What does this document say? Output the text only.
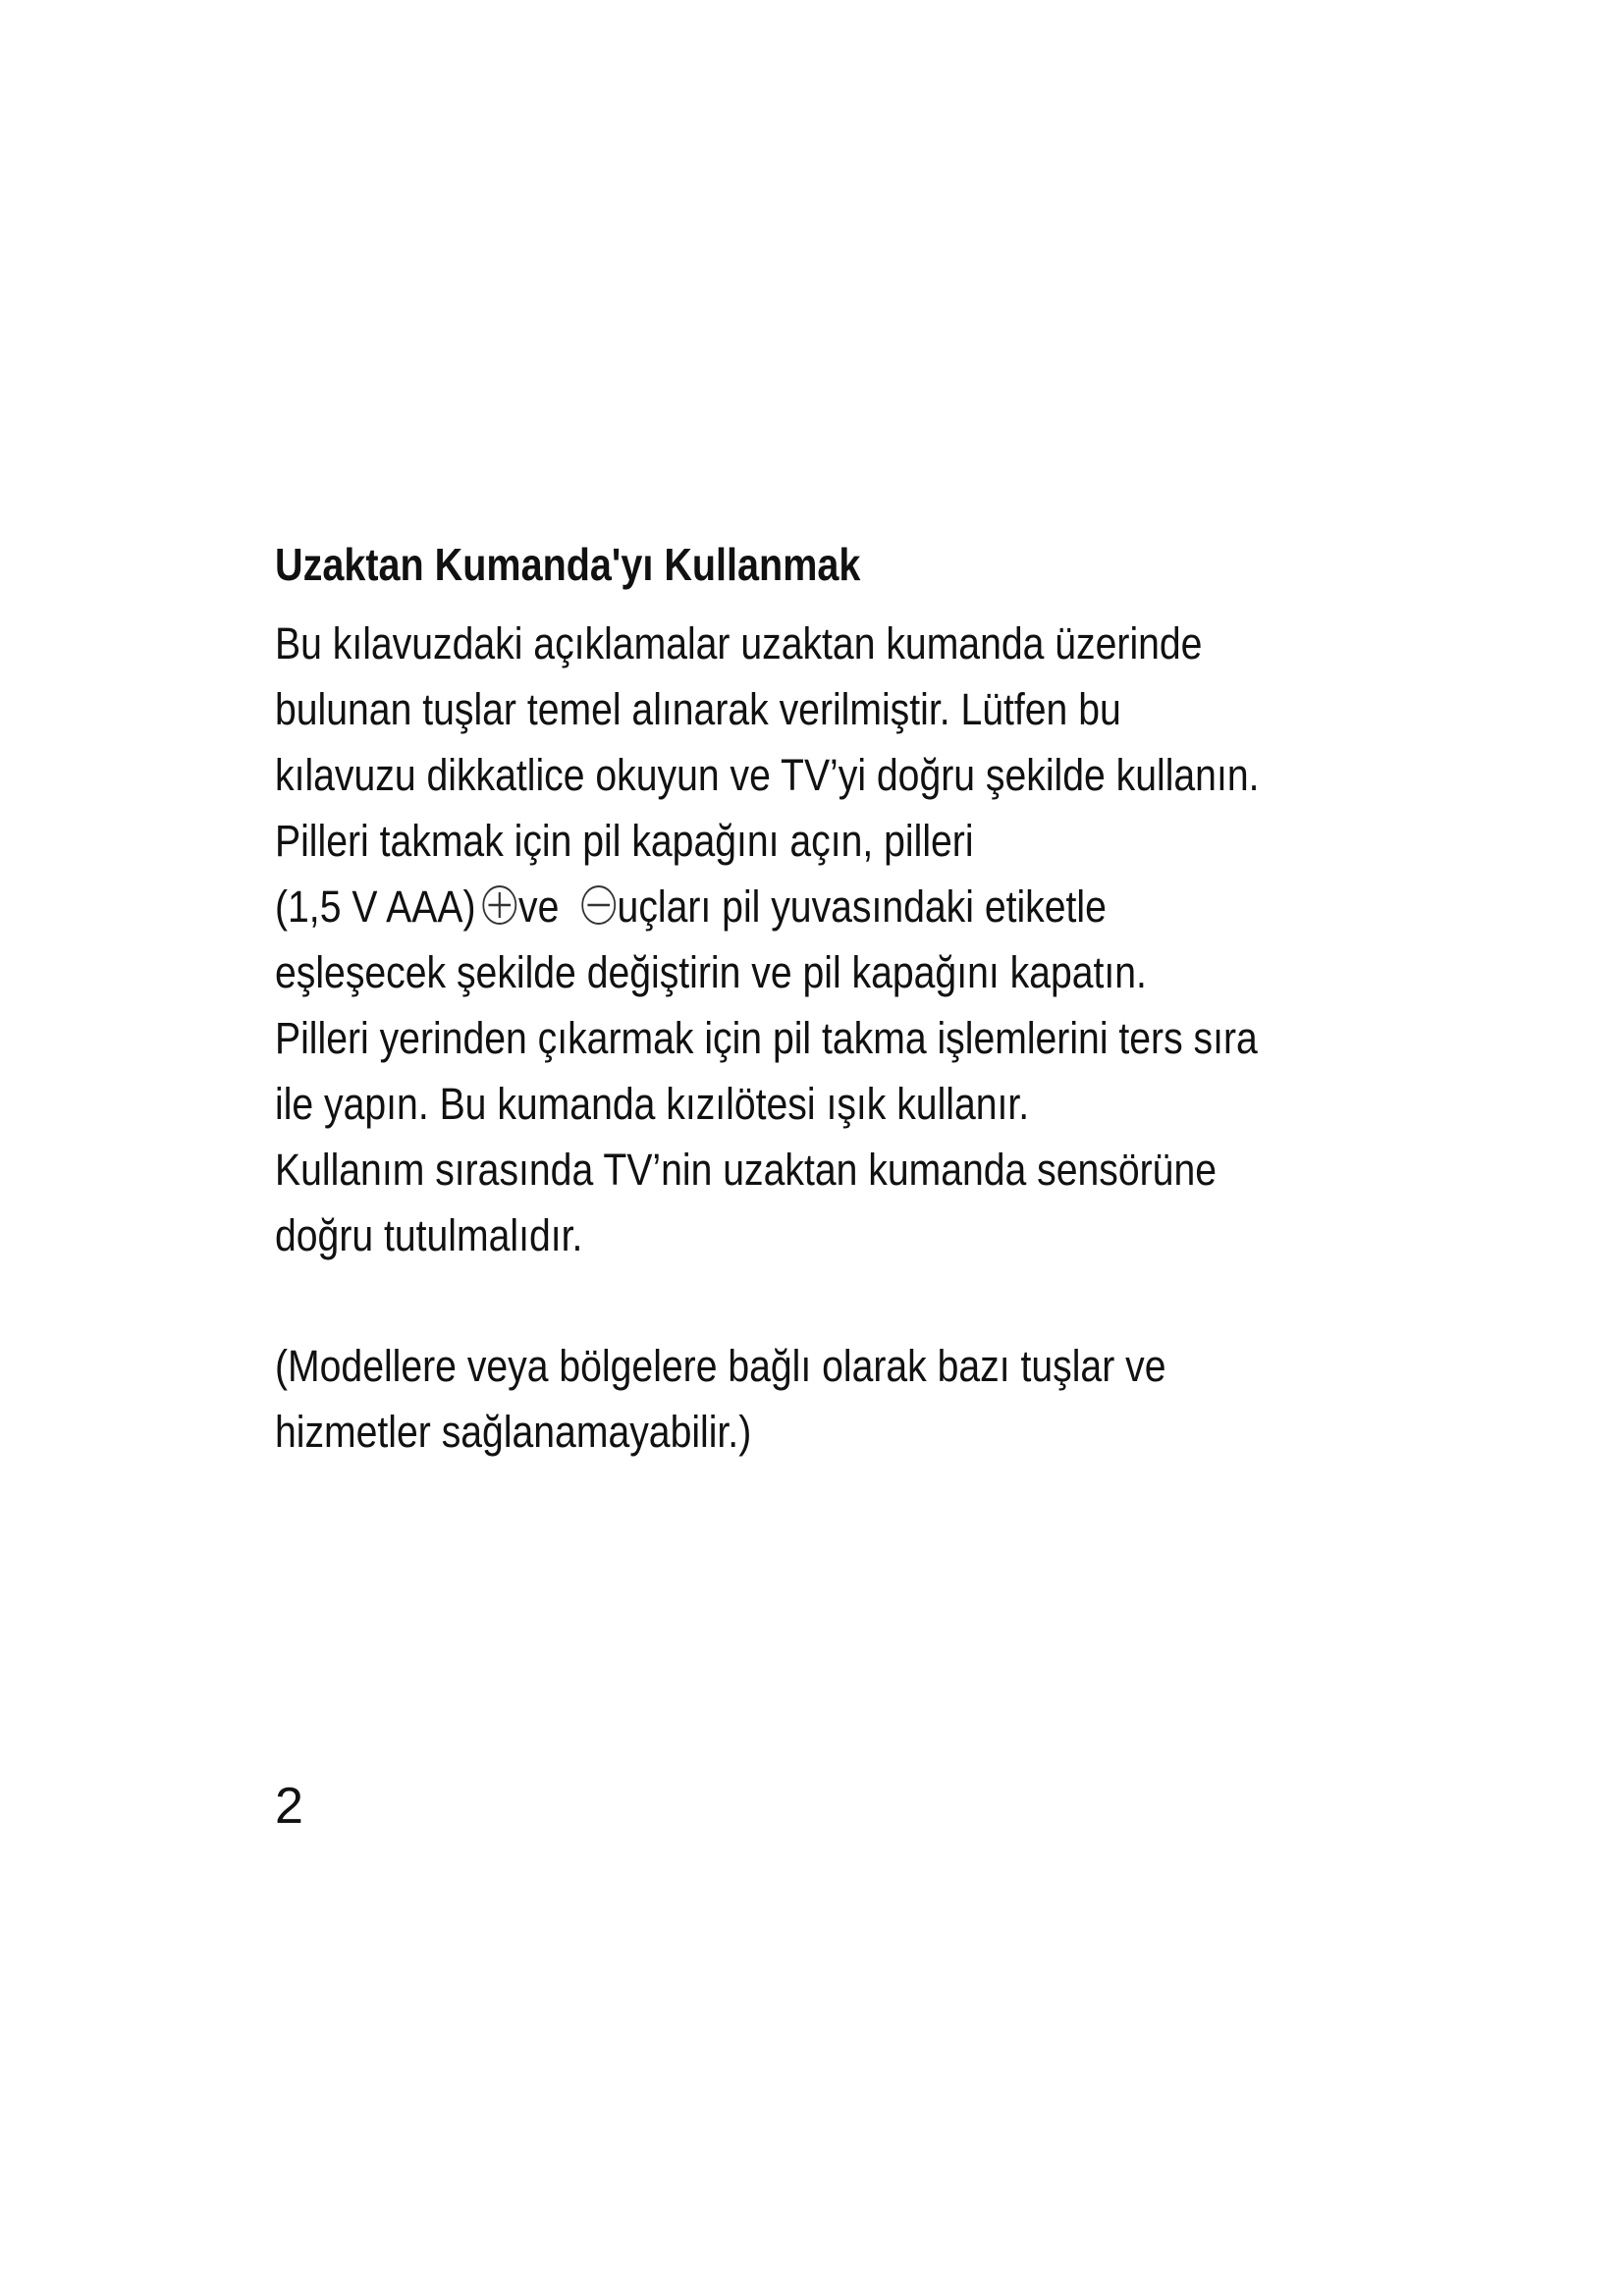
Uzaktan Kumanda'yı Kullanmak
Bu kılavuzdaki açıklamalar uzaktan kumanda üzerinde
bulunan tuşlar temel alınarak verilmiştir. Lütfen bu
kılavuzu dikkatlice okuyun ve TV’yi doğru şekilde kullanın.
Pilleri takmak için pil kapağını açın, pilleri
(1,5 V AAA) ve uçları pil yuvasındaki etiketle
eşleşecek şekilde değiştirin ve pil kapağını kapatın.
Pilleri yerinden çıkarmak için pil takma işlemlerini ters sıra
ile yapın. Bu kumanda kızılötesi ışık kullanır.
Kullanım sırasında TV’nin uzaktan kumanda sensörüne
doğru tutulmalıdır.
(Modellere veya bölgelere bağlı olarak bazı tuşlar ve
hizmetler sağlanamayabilir.)
2
